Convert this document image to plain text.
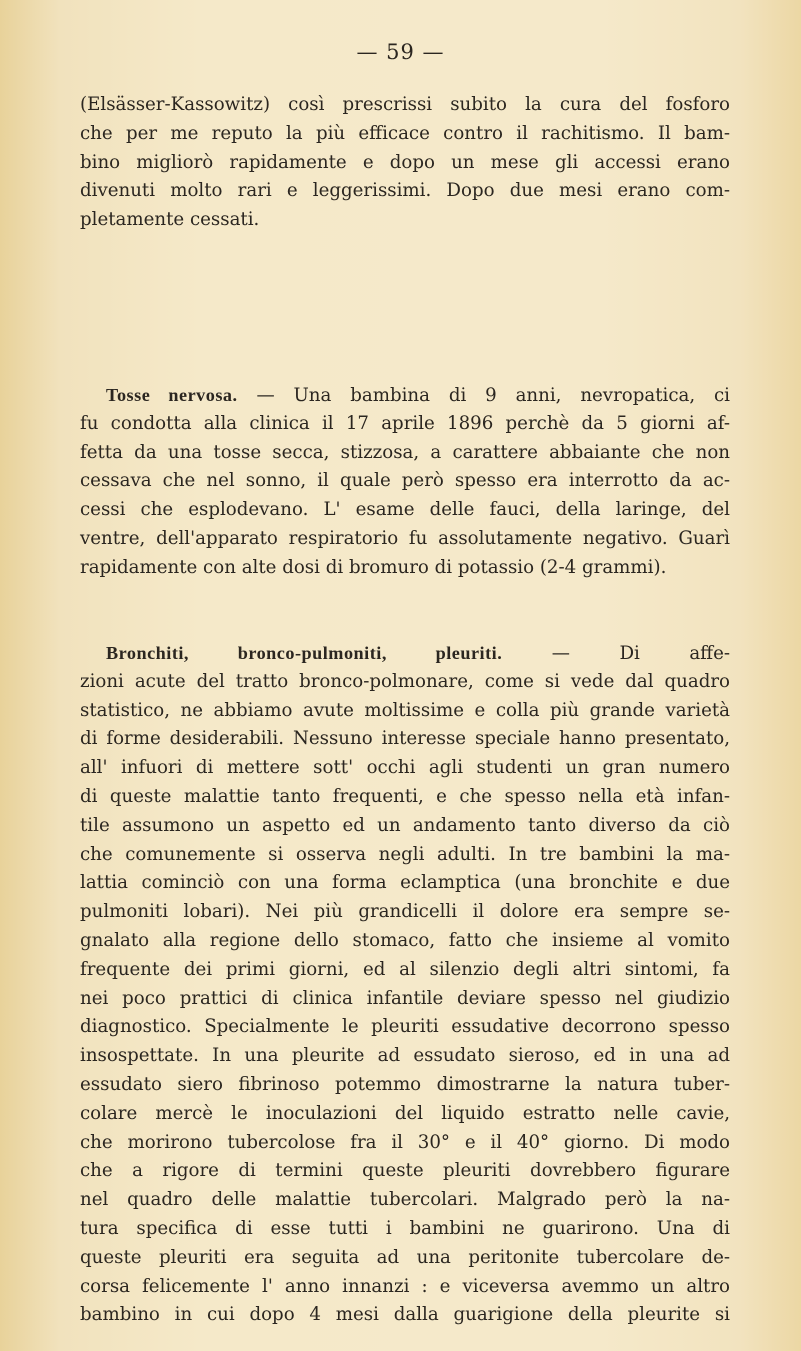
— 59 —
(Elsässer-Kassowitz) così prescrissi subito la cura del fosforo
che per me reputo la più efficace contro il rachitismo. Il bam-
bino migliorò rapidamente e dopo un mese gli accessi erano
divenuti molto rari e leggerissimi. Dopo due mesi erano com-
pletamente cessati.
Tosse nervosa. — Una bambina di 9 anni, nevropatica, ci
fu condotta alla clinica il 17 aprile 1896 perchè da 5 giorni af-
fetta da una tosse secca, stizzosa, a carattere abbaiante che non
cessava che nel sonno, il quale però spesso era interrotto da ac-
cessi che esplodevano. L' esame delle fauci, della laringe, del
ventre, dell'apparato respiratorio fu assolutamente negativo. Guarì
rapidamente con alte dosi di bromuro di potassio (2-4 grammi).
Bronchiti, bronco-pulmoniti, pleuriti. — Di affe-
zioni acute del tratto bronco-polmonare, come si vede dal quadro
statistico, ne abbiamo avute moltissime e colla più grande varietà
di forme desiderabili. Nessuno interesse speciale hanno presentato,
all' infuori di mettere sott' occhi agli studenti un gran numero
di queste malattie tanto frequenti, e che spesso nella età infan-
tile assumono un aspetto ed un andamento tanto diverso da ciò
che comunemente si osserva negli adulti. In tre bambini la ma-
lattia cominciò con una forma eclamptica (una bronchite e due
pulmoniti lobari). Nei più grandicelli il dolore era sempre se-
gnalato alla regione dello stomaco, fatto che insieme al vomito
frequente dei primi giorni, ed al silenzio degli altri sintomi, fa
nei poco prattici di clinica infantile deviare spesso nel giudizio
diagnostico. Specialmente le pleuriti essudative decorrono spesso
insospettate. In una pleurite ad essudato sieroso, ed in una ad
essudato siero fibrinoso potemmo dimostrarne la natura tuber-
colare mercè le inoculazioni del liquido estratto nelle cavie,
che morirono tubercolose fra il 30° e il 40° giorno. Di modo
che a rigore di termini queste pleuriti dovrebbero figurare
nel quadro delle malattie tubercolari. Malgrado però la na-
tura specifica di esse tutti i bambini ne guarirono. Una di
queste pleuriti era seguita ad una peritonite tubercolare de-
corsa felicemente l' anno innanzi : e viceversa avemmo un altro
bambino in cui dopo 4 mesi dalla guarigione della pleurite si
